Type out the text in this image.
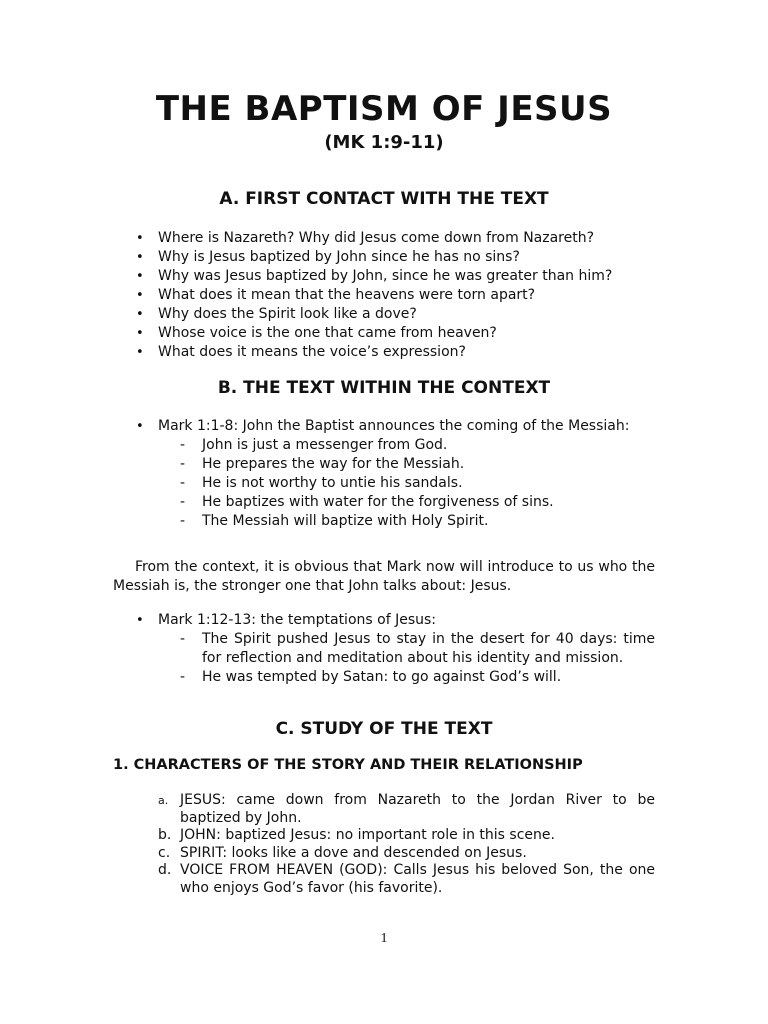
THE BAPTISM OF JESUS
(MK 1:9-11)
A. FIRST CONTACT WITH THE TEXT
• Where is Nazareth? Why did Jesus come down from Nazareth?
• Why is Jesus baptized by John since he has no sins?
• Why was Jesus baptized by John, since he was greater than him?
• What does it mean that the heavens were torn apart?
• Why does the Spirit look like a dove?
• Whose voice is the one that came from heaven?
• What does it means the voice’s expression?
B. THE TEXT WITHIN THE CONTEXT
• Mark 1:1-8: John the Baptist announces the coming of the Messiah:
- John is just a messenger from God.
- He prepares the way for the Messiah.
- He is not worthy to untie his sandals.
- He baptizes with water for the forgiveness of sins.
- The Messiah will baptize with Holy Spirit.

From the context, it is obvious that Mark now will introduce to us who the Messiah is, the stronger one that John talks about: Jesus.

• Mark 1:12-13: the temptations of Jesus:
- The Spirit pushed Jesus to stay in the desert for 40 days: time for reflection and meditation about his identity and mission.
- He was tempted by Satan: to go against God’s will.
C. STUDY OF THE TEXT
1. CHARACTERS OF THE STORY AND THEIR RELATIONSHIP
a. JESUS: came down from Nazareth to the Jordan River to be baptized by John.
b. JOHN: baptized Jesus: no important role in this scene.
c. SPIRIT: looks like a dove and descended on Jesus.
d. VOICE FROM HEAVEN (GOD): Calls Jesus his beloved Son, the one who enjoys God’s favor (his favorite).
1
